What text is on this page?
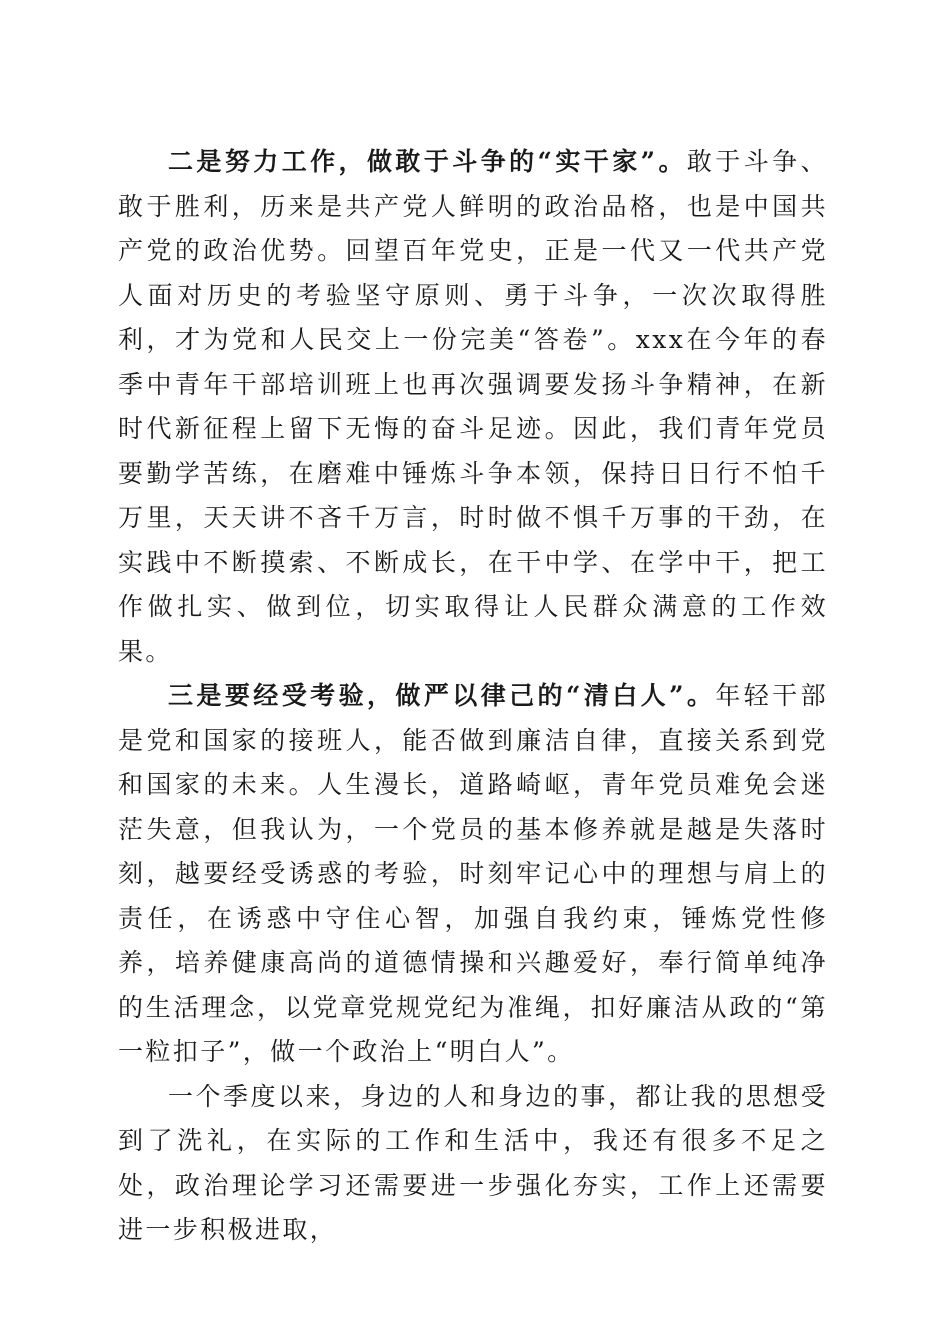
二是努力工作，做敢于斗争的“实干家”。敢于斗争、敢于胜利，历来是共产党人鲜明的政治品格，也是中国共产党的政治优势。回望百年党史，正是一代又一代共产党人面对历史的考验坚守原则、勇于斗争，一次次取得胜利，才为党和人民交上一份完美“答卷”。xxx在今年的春季中青年干部培训班上也再次强调要发扬斗争精神，在新时代新征程上留下无悔的奋斗足迹。因此，我们青年党员要勤学苦练，在磨难中锤炼斗争本领，保持日日行不怕千万里，天天讲不吝千万言，时时做不惧千万事的干劲，在实践中不断摸索、不断成长，在干中学、在学中干，把工作做扎实、做到位，切实取得让人民群众满意的工作效果。

三是要经受考验，做严以律己的“清白人”。年轻干部是党和国家的接班人，能否做到廉洁自律，直接关系到党和国家的未来。人生漫长，道路崎岖，青年党员难免会迷茫失意，但我认为，一个党员的基本修养就是越是失落时刻，越要经受诱惑的考验，时刻牢记心中的理想与肩上的责任，在诱惑中守住心智，加强自我约束，锤炼党性修养，培养健康高尚的道德情操和兴趣爱好，奉行简单纯净的生活理念，以党章党规党纪为准绳，扣好廉洁从政的“第一粒扣子”，做一个政治上“明白人”。

一个季度以来，身边的人和身边的事，都让我的思想受到了洗礼，在实际的工作和生活中，我还有很多不足之处，政治理论学习还需要进一步强化夯实，工作上还需要进一步积极进取，
